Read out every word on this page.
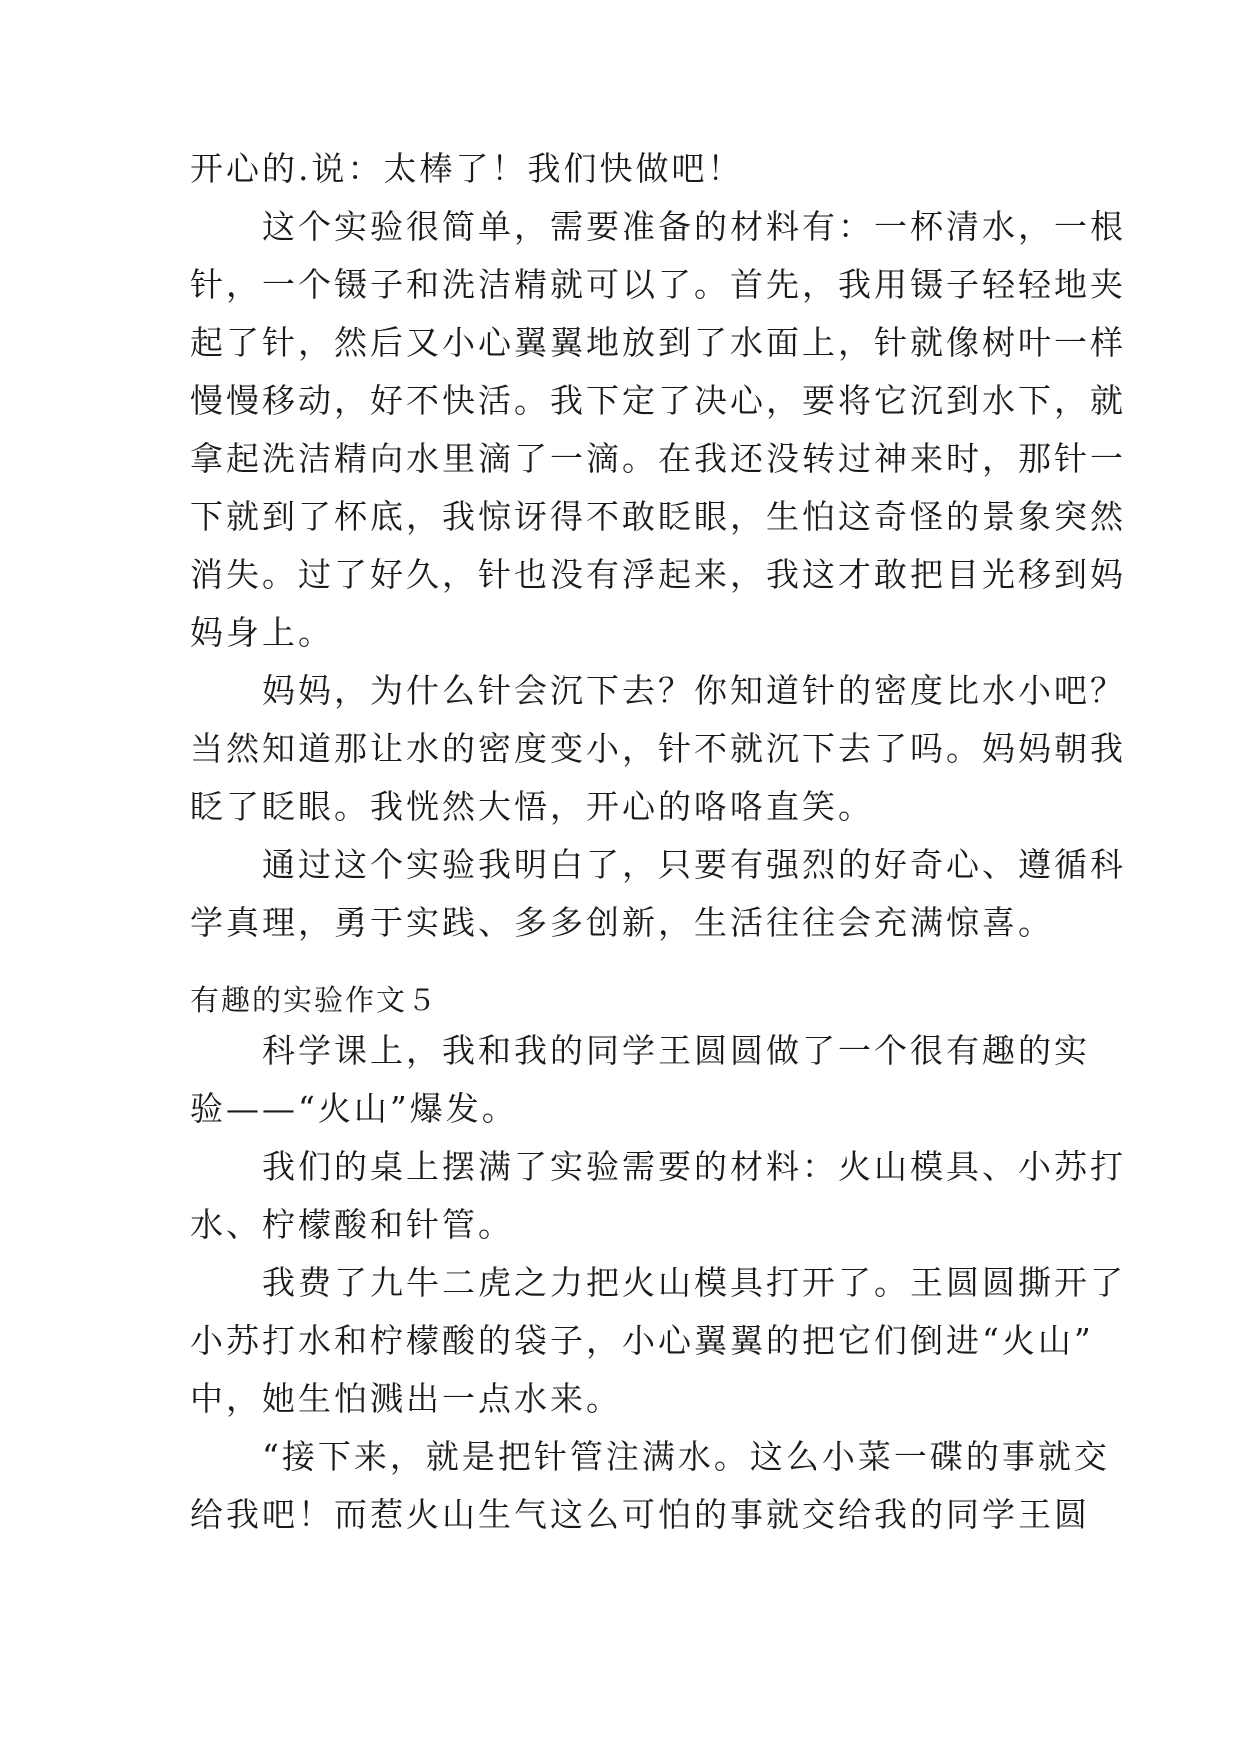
开心的.说：太棒了！我们快做吧！
　　这个实验很简单，需要准备的材料有：一杯清水，一根
针，一个镊子和洗洁精就可以了。首先，我用镊子轻轻地夹
起了针，然后又小心翼翼地放到了水面上，针就像树叶一样
慢慢移动，好不快活。我下定了决心，要将它沉到水下，就
拿起洗洁精向水里滴了一滴。在我还没转过神来时，那针一
下就到了杯底，我惊讶得不敢眨眼，生怕这奇怪的景象突然
消失。过了好久，针也没有浮起来，我这才敢把目光移到妈
妈身上。
　　妈妈，为什么针会沉下去？你知道针的密度比水小吧？
当然知道那让水的密度变小，针不就沉下去了吗。妈妈朝我
眨了眨眼。我恍然大悟，开心的咯咯直笑。
　　通过这个实验我明白了，只要有强烈的好奇心、遵循科
学真理，勇于实践、多多创新，生活往往会充满惊喜。
有趣的实验作文５
　　科学课上，我和我的同学王圆圆做了一个很有趣的实
验——“火山”爆发。
　　我们的桌上摆满了实验需要的材料：火山模具、小苏打
水、柠檬酸和针管。
　　我费了九牛二虎之力把火山模具打开了。王圆圆撕开了
小苏打水和柠檬酸的袋子，小心翼翼的把它们倒进“火山”
中，她生怕溅出一点水来。
　　“接下来，就是把针管注满水。这么小菜一碟的事就交
给我吧！而惹火山生气这么可怕的事就交给我的同学王圆
